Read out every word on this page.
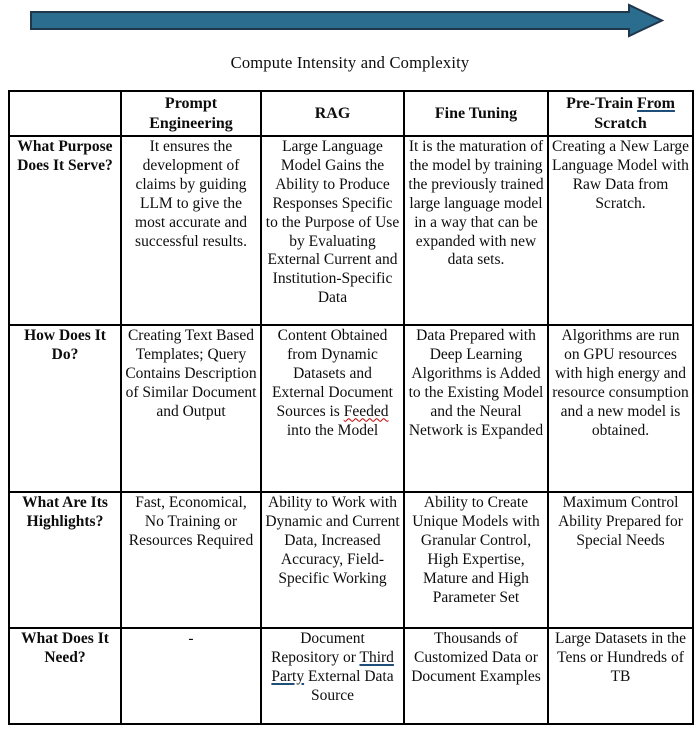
Compute Intensity and Complexity
	Prompt Engineering	RAG	Fine Tuning	Pre-Train From Scratch
What Purpose Does It Serve?	It ensures the development of claims by guiding LLM to give the most accurate and successful results.	Large Language Model Gains the Ability to Produce Responses Specific to the Purpose of Use by Evaluating External Current and Institution-Specific Data	It is the maturation of the model by training the previously trained large language model in a way that can be expanded with new data sets.	Creating a New Large Language Model with Raw Data from Scratch.
How Does It Do?	Creating Text Based Templates; Query Contains Description of Similar Document and Output	Content Obtained from Dynamic Datasets and External Document Sources is Feeded into the Model	Data Prepared with Deep Learning Algorithms is Added to the Existing Model and the Neural Network is Expanded	Algorithms are run on GPU resources with high energy and resource consumption and a new model is obtained.
What Are Its Highlights?	Fast, Economical, No Training or Resources Required	Ability to Work with Dynamic and Current Data, Increased Accuracy, Field-Specific Working	Ability to Create Unique Models with Granular Control, High Expertise, Mature and High Parameter Set	Maximum Control Ability Prepared for Special Needs
What Does It Need?	-	Document Repository or Third Party External Data Source	Thousands of Customized Data or Document Examples	Large Datasets in the Tens or Hundreds of TB
